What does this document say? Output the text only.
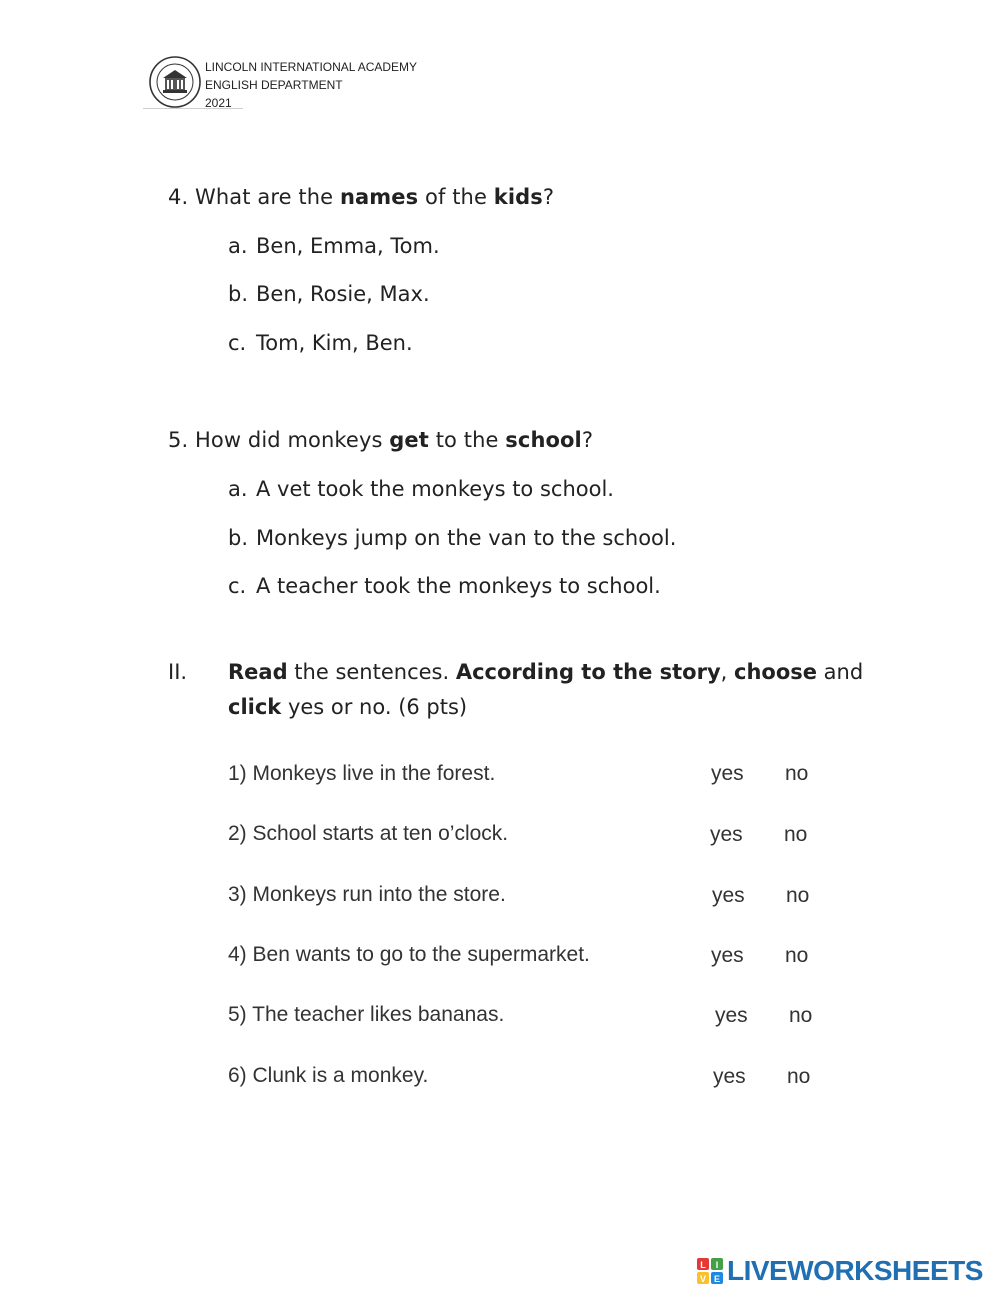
LINCOLN INTERNATIONAL ACADEMY
ENGLISH DEPARTMENT
2021
4. What are the names of the kids?
a. Ben, Emma, Tom.
b. Ben, Rosie, Max.
c. Tom, Kim, Ben.
5. How did monkeys get to the school?
a. A vet took the monkeys to school.
b. Monkeys jump on the van to the school.
c. A teacher took the monkeys to school.
II. Read the sentences. According to the story, choose and
click yes or no. (6 pts)
1) Monkeys live in the forest.	yes no
2) School starts at ten o’clock.	yes no
3) Monkeys run into the store.	yes no
4) Ben wants to go to the supermarket.	yes no
5) The teacher likes bananas.	yes no
6) Clunk is a monkey.	yes no
L I
V E LIVEWORKSHEETS
